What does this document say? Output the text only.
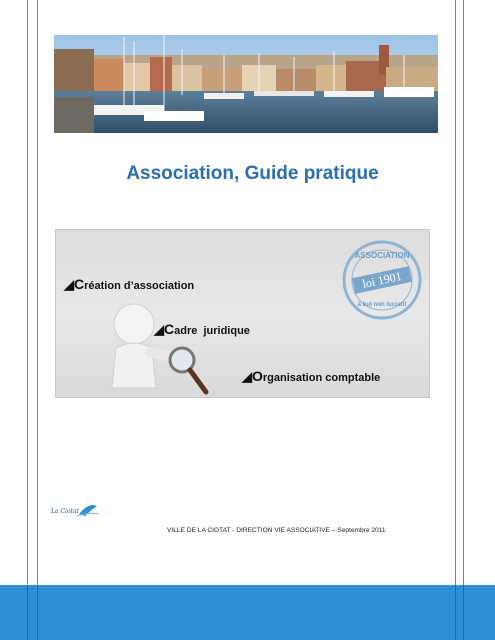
Association, Guide pratique
ASSOCIATION
loi 1901
à but non lucratif
◢Création d’association
◢Cadre  juridique
◢Organisation comptable
La Ciotat
VILLE DE LA CIOTAT - DIRECTION VIE ASSOCIATIVE – Septembre 2011
